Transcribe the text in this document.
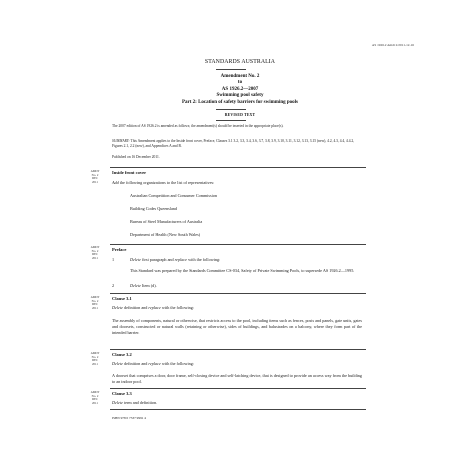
AS 1926.2 Amdt 2/2011-12-16
STANDARDS AUSTRALIA
Amendment No. 2
to
AS 1926.2—2007
Swimming pool safety
Part 2: Location of safety barriers for swimming pools
REVISED TEXT
The 2007 edition of AS 1926.2 is amended as follows; the amendment(s) should be inserted in the appropriate place(s).
SUMMARY: This Amendment applies to the Inside front cover, Preface, Clauses 3.1 3.2, 3.3, 3.4, 3.6, 3.7, 3.8, 3.9, 3.10, 3.11, 3.12, 3.13, 3.15 (new), 4.2, 4.3, 4.4, 4.4.2, Figures 2.1, 2.2 (new), and Appendices A and B.
Published on 16 December 2011.
AMDT
No. 2
DEC
2011
Inside front cover
Add the following organizations to the list of representatives:
Australian Competition and Consumer Commission
Building Codes Queensland
Bureau of Steel Manufacturers of Australia
Department of Health (New South Wales)
AMDT
No. 2
DEC
2011
Preface
1	Delete first paragraph and replace with the following:
This Standard was prepared by the Standards Committee CS-034, Safety of Private Swimming Pools, to supersede AS 1926.2—1995.
2	Delete Item (d).
AMDT
No. 2
DEC
2011
Clause 3.1
Delete definition and replace with the following:
The assembly of components, natural or otherwise, that restricts access to the pool, including items such as fences, posts and panels, gate units, gates and doorsets, constructed or natural walls (retaining or otherwise), sides of buildings, and balustrades on a balcony, where they form part of the intended barrier.
AMDT
No. 2
DEC
2011
Clause 3.2
Delete definition and replace with the following:
A doorset that comprises a door, door frame, self-closing device and self-latching device, that is designed to provide an access way from the building to an indoor pool.
AMDT
No. 2
DEC
2011
Clause 3.3
Delete term and definition.
ISBN 978 0 7337 9991 4
